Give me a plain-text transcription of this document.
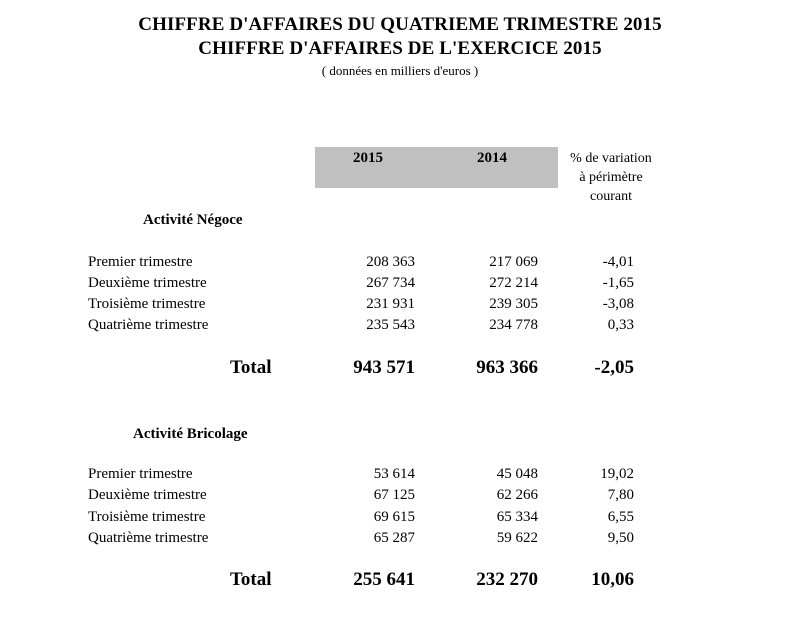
CHIFFRE D'AFFAIRES DU QUATRIEME TRIMESTRE 2015
CHIFFRE D'AFFAIRES DE L'EXERCICE 2015
( données en milliers d'euros )
2015	2014	% de variation
à périmètre
courant
Activité Négoce
Premier trimestre	208 363	217 069	-4,01
Deuxième trimestre	267 734	272 214	-1,65
Troisième trimestre	231 931	239 305	-3,08
Quatrième trimestre	235 543	234 778	0,33
Total	943 571	963 366	-2,05
Activité Bricolage
Premier trimestre	53 614	45 048	19,02
Deuxième trimestre	67 125	62 266	7,80
Troisième trimestre	69 615	65 334	6,55
Quatrième trimestre	65 287	59 622	9,50
Total	255 641	232 270	10,06
